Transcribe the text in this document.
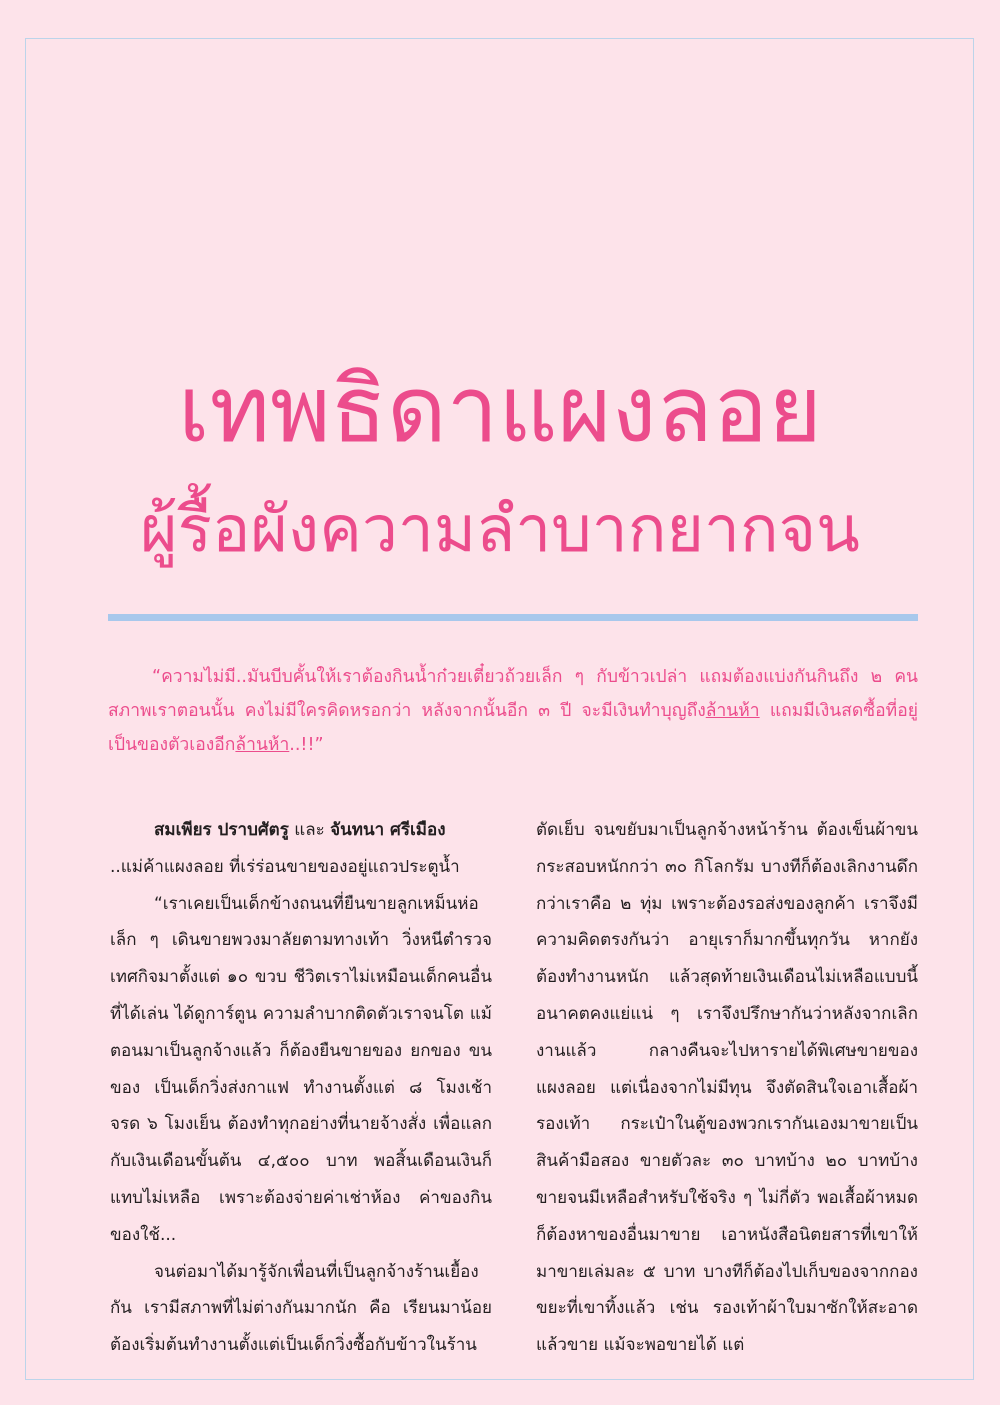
เทพธิดาแผงลอย
ผู้รื้อผังความลำบากยากจน

“ความไม่มี..มันบีบคั้นให้เราต้องกินน้ำก๋วยเตี๋ยวถ้วยเล็ก ๆ กับข้าวเปล่า แถมต้องแบ่งกันกินถึง ๒ คน สภาพเราตอนนั้น คงไม่มีใครคิดหรอกว่า หลังจากนั้นอีก ๓ ปี จะมีเงินทำบุญถึงล้านห้า แถมมีเงินสดซื้อที่อยู่เป็นของตัวเองอีกล้านห้า..!!”

สมเพียร ปราบศัตรู และ จันทนา ศรีเมือง

..แม่ค้าแผงลอย ที่เร่ร่อนขายของอยู่แถวประตูน้ำ

“เราเคยเป็นเด็กข้างถนนที่ยืนขายลูกเหม็นห่อเล็ก ๆ เดินขายพวงมาลัยตามทางเท้า วิ่งหนีตำรวจเทศกิจมาตั้งแต่ ๑๐ ขวบ ชีวิตเราไม่เหมือนเด็กคนอื่น ที่ได้เล่น ได้ดูการ์ตูน ความลำบากติดตัวเราจนโต แม้ตอนมาเป็นลูกจ้างแล้ว ก็ต้องยืนขายของ ยกของ ขนของ เป็นเด็กวิ่งส่งกาแฟ ทำงานตั้งแต่ ๘ โมงเช้า จรด ๖ โมงเย็น ต้องทำทุกอย่างที่นายจ้างสั่ง เพื่อแลกกับเงินเดือนขั้นต้น ๔,๕๐๐ บาท พอสิ้นเดือนเงินก็แทบไม่เหลือ เพราะต้องจ่ายค่าเช่าห้อง ค่าของกิน ของใช้...

จนต่อมาได้มารู้จักเพื่อนที่เป็นลูกจ้างร้านเยื้องกัน เรามีสภาพที่ไม่ต่างกันมากนัก คือ เรียนมาน้อยต้องเริ่มต้นทำงานตั้งแต่เป็นเด็กวิ่งซื้อกับข้าวในร้าน

ตัดเย็บ จนขยับมาเป็นลูกจ้างหน้าร้าน ต้องเข็นผ้าขนกระสอบหนักกว่า ๓๐ กิโลกรัม บางทีก็ต้องเลิกงานดึกกว่าเราคือ ๒ ทุ่ม เพราะต้องรอส่งของลูกค้า เราจึงมีความคิดตรงกันว่า อายุเราก็มากขึ้นทุกวัน หากยังต้องทำงานหนัก แล้วสุดท้ายเงินเดือนไม่เหลือแบบนี้ อนาคตคงแย่แน่ ๆ เราจึงปรึกษากันว่าหลังจากเลิกงานแล้ว กลางคืนจะไปหารายได้พิเศษขายของแผงลอย แต่เนื่องจากไม่มีทุน จึงตัดสินใจเอาเสื้อผ้า รองเท้า กระเป๋าในตู้ของพวกเรากันเองมาขายเป็นสินค้ามือสอง ขายตัวละ ๓๐ บาทบ้าง ๒๐ บาทบ้าง ขายจนมีเหลือสำหรับใช้จริง ๆ ไม่กี่ตัว พอเสื้อผ้าหมดก็ต้องหาของอื่นมาขาย เอาหนังสือนิตยสารที่เขาให้มาขายเล่มละ ๕ บาท บางทีก็ต้องไปเก็บของจากกองขยะที่เขาทิ้งแล้ว เช่น รองเท้าผ้าใบมาซักให้สะอาดแล้วขาย แม้จะพอขายได้ แต่
